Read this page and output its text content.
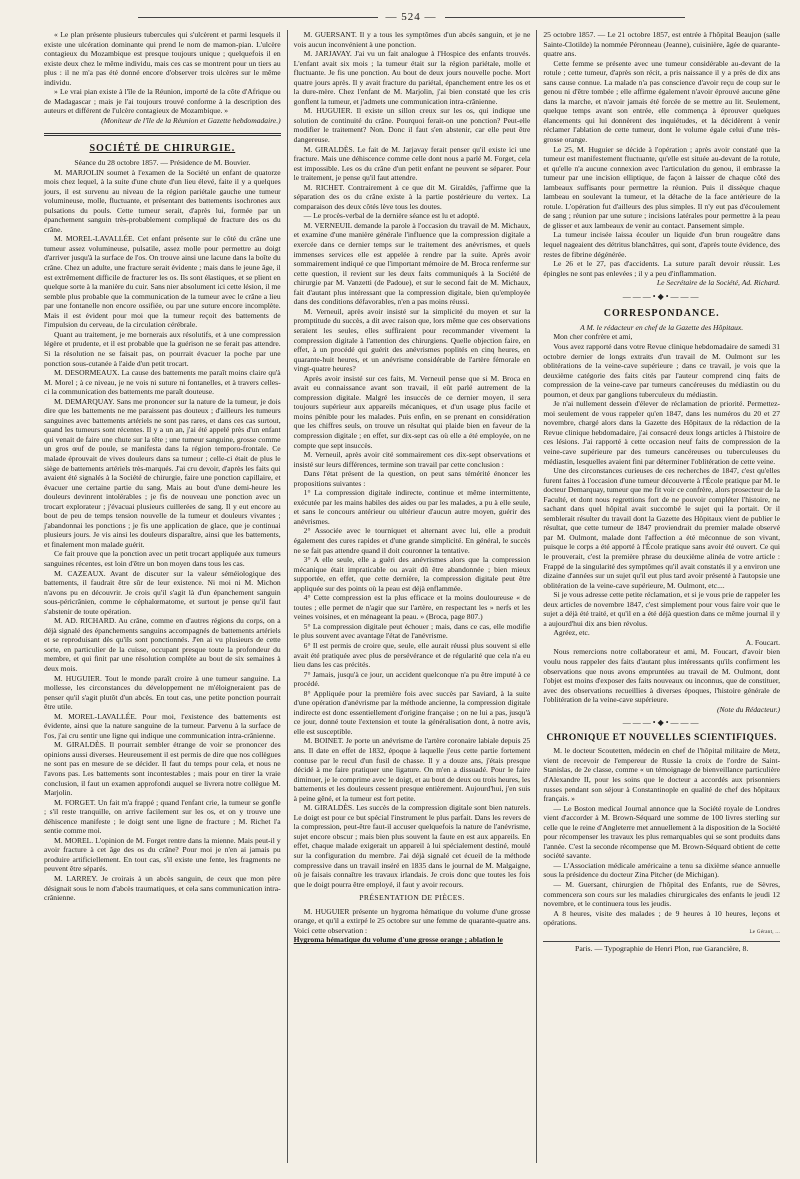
— 524 —

« Le plan présente plusieurs tubercules qui s'ulcèrent et parmi lesquels il existe une ulcération dominante qui prend le nom de mamon-pian. L'ulcère contagieux du Mozambique est presque toujours unique ; quelquefois il en existe deux chez le même individu, mais ces cas se montrent pour un tiers au plus : il ne m'a pas été donné encore d'observer trois ulcères sur le même individu.

» Le vrai pian existe à l'île de la Réunion, importé de la côte d'Afrique ou de Madagascar ; mais je l'ai toujours trouvé conforme à la description des auteurs et différent de l'ulcère contagieux de Mozambique. »

(Moniteur de l'île de la Réunion et Gazette hebdomadaire.)

SOCIÉTÉ DE CHIRURGIE.

Séance du 28 octobre 1857. — Présidence de M. Bouvier.

M. MARJOLIN soumet à l'examen de la Société un enfant de quatorze mois chez lequel, à la suite d'une chute d'un lieu élevé, faite il y a quelques jours, il est survenu au niveau de la région pariétale gauche une tumeur volumineuse, molle, fluctuante, et présentant des battements isochrones aux pulsations du pouls. Cette tumeur serait, d'après lui, formée par un épanchement sanguin très-probablement compliqué de fracture des os du crâne.

M. MOREL-LAVALLÉE. Cet enfant présente sur le côté du crâne une tumeur assez volumineuse, pulsatile, assez molle pour permettre au doigt d'arriver jusqu'à la surface de l'os. On trouve ainsi une lacune dans la boîte du crâne. Chez un adulte, une fracture serait évidente ; mais dans le jeune âge, il est extrêmement difficile de fracturer les os. Ils sont élastiques, et se plient en quelque sorte à la manière du cuir. Sans nier absolument ici cette lésion, il me semble plus probable que la communication de la tumeur avec le crâne a lieu par une fontanelle non encore ossifiée, ou par une suture encore incomplète. Mais il est évident pour moi que la tumeur reçoit des battements de l'impulsion du cerveau, de la circulation cérébrale.

Quant au traitement, je me bornerais aux résolutifs, et à une compression légère et prudente, et il est probable que la guérison ne se ferait pas attendre. Si la résolution ne se faisait pas, on pourrait évacuer la poche par une ponction sous-cutanée à l'aide d'un petit trocart.

M. DESORMEAUX. La cause des battements me paraît moins claire qu'à M. Morel ; à ce niveau, je ne vois ni suture ni fontanelles, et à travers celles-ci la communication des battements me paraît douteuse.

M. DEMARQUAY. Sans me prononcer sur la nature de la tumeur, je dois dire que les battements ne me paraissent pas douteux ; d'ailleurs les tumeurs sanguines avec battements artériels ne sont pas rares, et dans ces cas surtout, quand les tumeurs sont récentes. Il y a un an, j'ai été appelé près d'un enfant qui venait de faire une chute sur la tête ; une tumeur sanguine, grosse comme un gros œuf de poule, se manifesta dans la région temporo-frontale. Ce malade éprouvait de vives douleurs dans sa tumeur ; celle-ci était de plus le siège de battements artériels très-marqués. J'ai cru devoir, d'après les faits qui avaient été signalés à la Société de chirurgie, faire une ponction capillaire, et évacuer une certaine partie du sang. Mais au bout d'une demi-heure les douleurs devinrent intolérables ; je fis de nouveau une ponction avec un trocart explorateur ; j'évacuai plusieurs cuillerées de sang. Il y eut encore au bout de peu de temps tension nouvelle de la tumeur et douleurs vivantes ; j'abandonnai les ponctions ; je fis une application de glace, que je continuai plusieurs jours. Je vis ainsi les douleurs disparaître, ainsi que les battements, et finalement mon malade guérit.

Ce fait prouve que la ponction avec un petit trocart appliquée aux tumeurs sanguines récentes, est loin d'être un bon moyen dans tous les cas.

M. CAZEAUX. Avant de discuter sur la valeur séméiologique des battements, il faudrait être sûr de leur existence. Ni moi ni M. Michon n'avons pu en découvrir. Je crois qu'il s'agit là d'un épanchement sanguin sous-péricrânien, comme le céphalœmatome, et surtout je pense qu'il faut s'abstenir de toute opération.

M. AD. RICHARD. Au crâne, comme en d'autres régions du corps, on a déjà signalé des épanchements sanguins accompagnés de battements artériels et se reproduisant dès qu'ils sont ponctionnés. J'en ai vu plusieurs de cette sorte, en particulier de la cuisse, occupant presque toute la profondeur du membre, et qui finit par une résolution complète au bout de six semaines à deux mois.

M. HUGUIER. Tout le monde paraît croire à une tumeur sanguine. La mollesse, les circonstances du développement ne m'éloigneraient pas de penser qu'il s'agit plutôt d'un abcès. En tout cas, une petite ponction pourrait être utile.

M. MOREL-LAVALLÉE. Pour moi, l'existence des battements est évidente, ainsi que la nature sanguine de la tumeur. Parvenu à la surface de l'os, j'ai cru sentir une ligne qui indique une communication intra-crânienne.

M. GIRALDÈS. Il pourrait sembler étrange de voir se prononcer des opinions aussi diverses. Heureusement il est permis de dire que nos collègues ne sont pas en mesure de se décider. Il faut du temps pour cela, et nous ne l'avons pas. Les battements sont incontestables ; mais pour en tirer la vraie conclusion, il faut un examen approfondi auquel se livrera notre collègue M. Marjolin.

M. FORGET. Un fait m'a frappé ; quand l'enfant crie, la tumeur se gonfle ; s'il reste tranquille, on arrive facilement sur les os, et on y trouve une déhiscence manifeste ; le doigt sent une ligne de fracture ; M. Richet l'a sentie comme moi.

M. MOREL. L'opinion de M. Forget rentre dans la mienne. Mais peut-il y avoir fracture à cet âge des os du crâne? Pour moi je n'en ai jamais pu produire artificiellement. En tout cas, s'il existe une fente, les fragments ne peuvent être séparés.

M. LARREY. Je croirais à un abcès sanguin, de ceux que mon père désignait sous le nom d'abcès traumatiques, et cela sans communication intra-crânienne.

M. GUERSANT. Il y a tous les symptômes d'un abcès sanguin, et je ne vois aucun inconvénient à une ponction.

M. JARJAVAY. J'ai vu un fait analogue à l'Hospice des enfants trouvés. L'enfant avait six mois ; la tumeur était sur la région pariétale, molle et fluctuante. Je fis une ponction. Au bout de deux jours nouvelle poche. Mort quatre jours après. Il y avait fracture du pariétal, épanchement entre les os et la dure-mère. Chez l'enfant de M. Marjolin, j'ai bien constaté que les cris gonflent la tumeur, et j'admets une communication intra-crânienne.

M. HUGUIER. Il existe un sillon creux sur les os, qui indique une solution de continuité du crâne. Pourquoi ferait-on une ponction? Peut-elle modifier le traitement? Non. Donc il faut s'en abstenir, car elle peut être dangereuse.

M. GIRALDÈS. Le fait de M. Jarjavay ferait penser qu'il existe ici une fracture. Mais une déhiscence comme celle dont nous a parlé M. Forget, cela est impossible. Les os du crâne d'un petit enfant ne peuvent se séparer. Pour le traitement, je pense qu'il faut attendre.

M. RICHET. Contrairement à ce que dit M. Giraldès, j'affirme que la séparation des os du crâne existe à la partie postérieure du vertex. La comparaison des deux côtés lève tous les doutes.

— Le procès-verbal de la dernière séance est lu et adopté.

M. VERNEUIL demande la parole à l'occasion du travail de M. Michaux, et examine d'une manière générale l'influence que la compression digitale a exercée dans ce dernier temps sur le traitement des anévrismes, et quels immenses services elle est appelée à rendre par la suite. Après avoir sommairement indiqué ce que l'important mémoire de M. Broca renferme sur cette question, il revient sur les deux faits communiqués à la Société de chirurgie par M. Vanzetti (de Padoue), et sur le second fait de M. Michaux, fait d'autant plus intéressant que la compression digitale, bien qu'employée dans des conditions défavorables, n'en a pas moins réussi.

M. Verneuil, après avoir insisté sur la simplicité du moyen et sur la promptitude du succès, a dit avec raison que, lors même que ces observations seraient les seules, elles suffiraient pour recommander vivement la compression digitale à l'attention des chirurgiens. Quelle objection faire, en effet, à un procédé qui guérit des anévrismes poplités en cinq heures, en quarante-huit heures, et un anévrisme considérable de l'artère fémorale en vingt-quatre heures?

Après avoir insisté sur ces faits, M. Verneuil pense que si M. Broca en avait eu connaissance avant son travail, il eût parlé autrement de la compression digitale. Malgré les insuccès de ce dernier moyen, il sera toujours supérieur aux appareils mécaniques, et d'un usage plus facile et moins pénible pour les malades. Puis enfin, en se prenant en considération que les chiffres seuls, on trouve un résultat qui plaide bien en faveur de la compression digitale ; en effet, sur dix-sept cas où elle a été employée, on ne compte que sept insuccès.

M. Verneuil, après avoir cité sommairement ces dix-sept observations et insisté sur leurs différences, termine son travail par cette conclusion :

Dans l'état présent de la question, on peut sans témérité énoncer les propositions suivantes :

1° La compression digitale indirecte, continue et même intermittente, exécutée par les mains habiles des aides ou par les malades, a pu à elle seule, et sans le concours antérieur ou ultérieur d'aucun autre moyen, guérir des anévrismes.

2° Associée avec le tourniquet et alternant avec lui, elle a produit également des cures rapides et d'une grande simplicité. En général, le succès ne se fait pas attendre quand il doit couronner la tentative.

3° A elle seule, elle a guéri des anévrismes alors que la compression mécanique était impraticable ou avait dû être abandonnée ; bien mieux supportée, en effet, que cette dernière, la compression digitale peut être appliquée sur des points où la peau est déjà enflammée.

4° Cette compression est la plus efficace et la moins douloureuse « de toutes ; elle permet de n'agir que sur l'artère, en respectant les » nerfs et les veines voisines, et en ménageant la peau. » (Broca, page 807.)

5° La compression digitale peut échouer ; mais, dans ce cas, elle modifie le plus souvent avec avantage l'état de l'anévrisme.

6° Il est permis de croire que, seule, elle aurait réussi plus souvent si elle avait été pratiquée avec plus de persévérance et de régularité que cela n'a eu lieu dans les cas précités.

7° Jamais, jusqu'à ce jour, un accident quelconque n'a pu être imputé à ce procédé.

8° Appliquée pour la première fois avec succès par Saviard, à la suite d'une opération d'anévrisme par la méthode ancienne, la compression digitale indirecte est donc essentiellement d'origine française ; on ne lui a pas, jusqu'à ce jour, donné toute l'extension et toute la généralisation dont, à notre avis, elle est susceptible.

M. BOINET. Je porte un anévrisme de l'artère coronaire labiale depuis 25 ans. Il date en effet de 1832, époque à laquelle j'eus cette partie fortement contuse par le recul d'un fusil de chasse. Il y a douze ans, j'étais presque décidé à me faire pratiquer une ligature. On m'en a dissuadé. Pour le faire diminuer, je le comprime avec le doigt, et au bout de deux ou trois heures, les battements et les douleurs cessent presque entièrement. Aujourd'hui, j'en suis à peine gêné, et la tumeur est fort petite.

M. GIRALDÈS. Les succès de la compression digitale sont bien naturels. Le doigt est pour ce but spécial l'instrument le plus parfait. Dans les revers de la compression, peut-être faut-il accuser quelquefois la nature de l'anévrisme, sujet encore obscur ; mais bien plus souvent la faute en est aux appareils. En effet, chaque malade exigerait un appareil à lui spécialement destiné, moulé sur la configuration du membre. J'ai déjà signalé cet écueil de la méthode compressive dans un travail inséré en 1835 dans le journal de M. Malgaigne, où je faisais connaître les travaux irlandais. Je crois donc que toutes les fois que le doigt pourra être employé, il faut y avoir recours.

PRÉSENTATION DE PIÈCES.

M. HUGUIER présente un hygroma hématique du volume d'une grosse orange, et qu'il a extirpé le 25 octobre sur une femme de quarante-quatre ans. Voici cette observation :

Hygroma hématique du volume d'une grosse orange ; ablation le

25 octobre 1857. — Le 21 octobre 1857, est entrée à l'hôpital Beaujon (salle Sainte-Clotilde) la nommée Péronneau (Jeanne), cuisinière, âgée de quarante-quatre ans.

Cette femme se présente avec une tumeur considérable au-devant de la rotule ; cette tumeur, d'après son récit, a pris naissance il y a près de dix ans sans cause connue. La malade n'a pas conscience d'avoir reçu de coup sur le genou ni d'être tombée ; elle affirme également n'avoir éprouvé aucune gêne dans la marche, et n'avoir jamais été forcée de se mettre au lit. Seulement, quelque temps avant son entrée, elle commença à éprouver quelques élancements qui lui donnèrent des inquiétudes, et la décidèrent à venir réclamer l'ablation de cette tumeur, dont le volume égale celui d'une très-grosse orange.

Le 25, M. Huguier se décide à l'opération ; après avoir constaté que la tumeur est manifestement fluctuante, qu'elle est située au-devant de la rotule, et qu'elle n'a aucune connexion avec l'articulation du genou, il embrasse la tumeur par une incision elliptique, de façon à laisser de chaque côté des lambeaux suffisants pour permettre la réunion. Puis il dissèque chaque lambeau en soulevant la tumeur, et la détache de la face antérieure de la rotule. L'opération fut d'ailleurs des plus simples. Il n'y eut pas d'écoulement de sang ; réunion par une suture ; incisions latérales pour permettre à la peau de glisser et aux lambeaux de venir au contact. Pansement simple.

La tumeur incisée laissa écouler un liquide d'un brun rougeâtre dans lequel nageaient des détritus blanchâtres, qui sont, d'après toute évidence, des restes de fibrine dégénérée.

Le 26 et le 27, pas d'accidents. La suture paraît devoir réussir. Les épingles ne sont pas enlevées ; il y a peu d'inflammation.

Le Secrétaire de la Société, Ad. Richard.

———•◆•———
CORRESPONDANCE.

A M. le rédacteur en chef de la Gazette des Hôpitaux.

Mon cher confrère et ami,

Vous avez rapporté dans votre Revue clinique hebdomadaire de samedi 31 octobre dernier de longs extraits d'un travail de M. Oulmont sur les oblitérations de la veine-cave supérieure ; dans ce travail, je vois que la deuxième catégorie des faits cités par l'auteur comprend cinq faits de compression de la veine-cave par tumeurs cancéreuses du médiastin ou du poumon, et deux par ganglions tuberculeux du médiastin.

Je n'ai nullement dessein d'élever de réclamation de priorité. Permettez-moi seulement de vous rappeler qu'en 1847, dans les numéros du 20 et 27 novembre, chargé alors dans la Gazette des Hôpitaux de la rédaction de la Revue clinique hebdomadaire, j'ai consacré deux longs articles à l'histoire de ces lésions. J'ai rapporté à cette occasion neuf faits de compression de la veine-cave supérieure par des tumeurs cancéreuses ou tuberculeuses du médiastin, lesquelles avaient fini par déterminer l'oblitération de cette veine.

Une des circonstances curieuses de ces recherches de 1847, c'est qu'elles furent faites à l'occasion d'une tumeur découverte à l'École pratique par M. le docteur Demarquay, tumeur que me fit voir ce confrère, alors prosecteur de la Faculté, et dont nous regrettions fort de ne pouvoir compléter l'histoire, ne sachant dans quel hôpital avait succombé le sujet qui la portait. Or il semblerait résulter du travail dont la Gazette des Hôpitaux vient de publier le résultat, que cette tumeur de 1847 proviendrait du premier malade observé par M. Oulmont, malade dont l'affection a été méconnue de son vivant, puisque le corps a été apporté à l'École pratique sans avoir été ouvert. Ce qui le prouverait, c'est la première phrase du deuxième alinéa de votre article : Frappé de la singularité des symptômes qu'il avait constatés il y a environ une dizaine d'années sur un sujet qu'il eut plus tard avoir présenté à l'autopsie une oblitération de la veine-cave supérieure, M. Oulmont, etc....

Si je vous adresse cette petite réclamation, et si je vous prie de rappeler les deux articles de novembre 1847, c'est simplement pour vous faire voir que le sujet a déjà été traité, et qu'il en a été déjà question dans ce même journal il y a aujourd'hui dix ans bien révolus.

Agréez, etc.

A. Foucart.

Nous remercions notre collaborateur et ami, M. Foucart, d'avoir bien voulu nous rappeler des faits d'autant plus intéressants qu'ils confirment les observations que nous avons empruntées au travail de M. Oulmont, dont l'objet est moins d'exposer des faits nouveaux ou inconnus, que de constituer, avec des observations recueillies à diverses époques, l'histoire générale de l'oblitération de la veine-cave supérieure.

(Note du Rédacteur.)

———•◆•———
CHRONIQUE ET NOUVELLES SCIENTIFIQUES.

M. le docteur Scoutetten, médecin en chef de l'hôpital militaire de Metz, vient de recevoir de l'empereur de Russie la croix de l'ordre de Saint-Stanislas, de 2e classe, comme « un témoignage de bienveillance particulière d'Alexandre II, pour les soins que le docteur a accordés aux prisonniers russes pendant son séjour à Constantinople en qualité de chef des hôpitaux français. »

— Le Boston medical Journal annonce que la Société royale de Londres vient d'accorder à M. Brown-Séquard une somme de 100 livres sterling sur celle que le reine d'Angleterre met annuellement à la disposition de la Société pour récompenser les travaux les plus remarquables qui se sont produits dans l'année. C'est la seconde récompense que M. Brown-Séquard obtient de cette société savante.

— L'Association médicale américaine a tenu sa dixième séance annuelle sous la présidence du docteur Zina Pitcher (de Michigan).

— M. Guersant, chirurgien de l'hôpital des Enfants, rue de Sèvres, commencera son cours sur les maladies chirurgicales des enfants le jeudi 12 novembre, et le continuera tous les jeudis.

A 8 heures, visite des malades ; de 9 heures à 10 heures, leçons et opérations.

Le Gérant, ...
Paris. — Typographie de Henri Plon, rue Garancière, 8.
